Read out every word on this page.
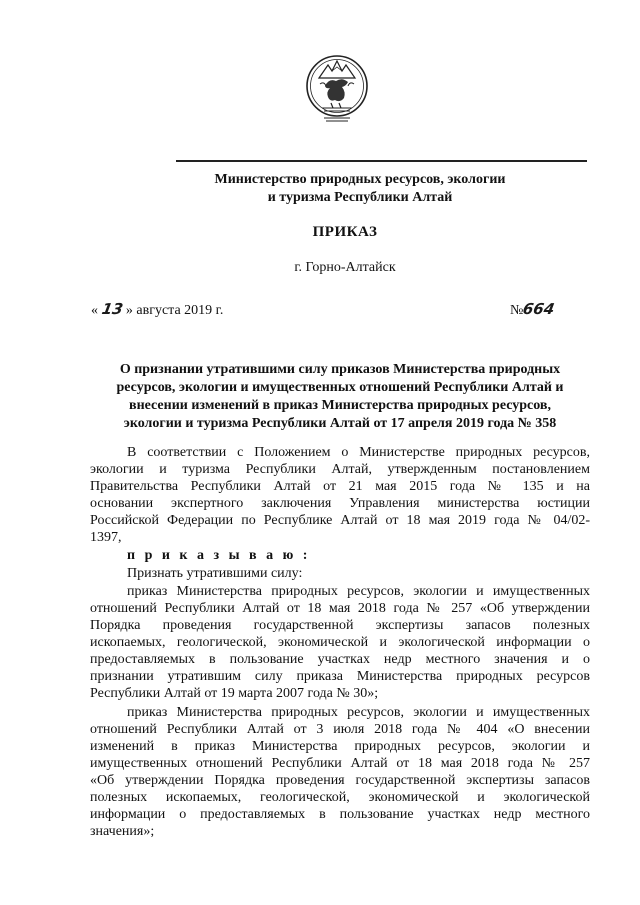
Министерство природных ресурсов, экологии
и туризма Республики Алтай
ПРИКАЗ
г. Горно-Алтайск
« 13 » августа 2019 г.	№664
О признании утратившими силу приказов Министерства природных
ресурсов, экологии и имущественных отношений Республики Алтай и
внесении изменений в приказ Министерства природных ресурсов,
экологии и туризма Республики Алтай от 17 апреля 2019 года № 358
В соответствии с Положением о Министерстве природных ресурсов,
экологии и туризма Республики Алтай, утвержденным постановлением
Правительства Республики Алтай от 21 мая 2015 года № 135 и на
основании экспертного заключения Управления министерства юстиции
Российской Федерации по Республике Алтай от 18 мая 2019 года № 04/02-
1397,
п р и к а з ы в а ю :
Признать утратившими силу:
приказ Министерства природных ресурсов, экологии и имущественных
отношений Республики Алтай от 18 мая 2018 года № 257 «Об утверждении
Порядка проведения государственной экспертизы запасов полезных
ископаемых, геологической, экономической и экологической информации о
предоставляемых в пользование участках недр местного значения и о
признании утратившим силу приказа Министерства природных ресурсов
Республики Алтай от 19 марта 2007 года № 30»;
приказ Министерства природных ресурсов, экологии и имущественных
отношений Республики Алтай от 3 июля 2018 года № 404 «О внесении
изменений в приказ Министерства природных ресурсов, экологии и
имущественных отношений Республики Алтай от 18 мая 2018 года № 257
«Об утверждении Порядка проведения государственной экспертизы запасов
полезных ископаемых, геологической, экономической и экологической
информации о предоставляемых в пользование участках недр местного
значения»;
